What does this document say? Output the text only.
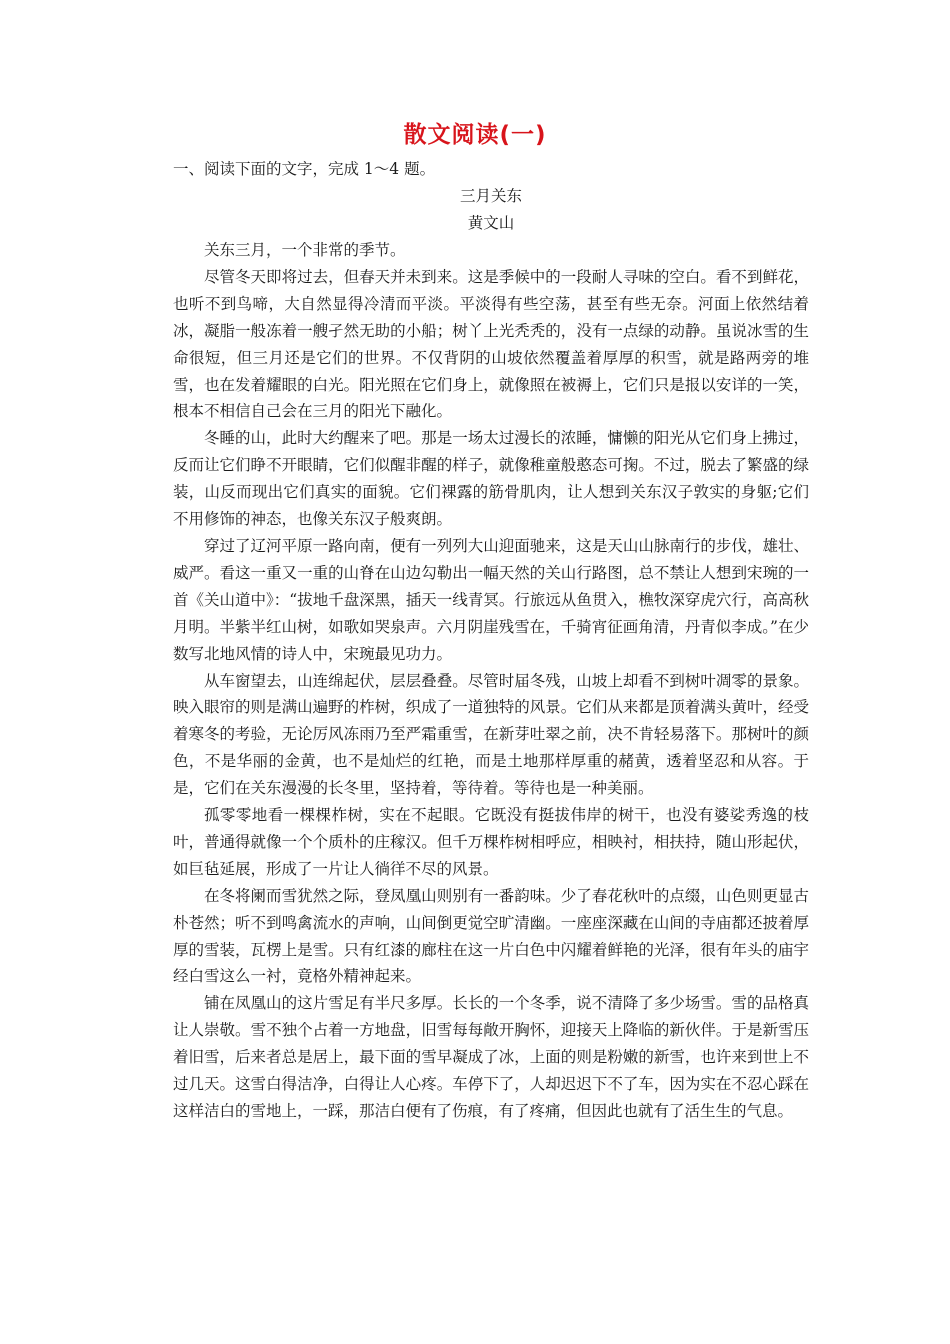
散文阅读(一)
一、阅读下面的文字，完成 1～4 题。
三月关东
黄文山

关东三月，一个非常的季节。

尽管冬天即将过去，但春天并未到来。这是季候中的一段耐人寻味的空白。看不到鲜花，也听不到鸟啼，大自然显得冷清而平淡。平淡得有些空荡，甚至有些无奈。河面上依然结着冰，凝脂一般冻着一艘孑然无助的小船；树丫上光秃秃的，没有一点绿的动静。虽说冰雪的生命很短，但三月还是它们的世界。不仅背阴的山坡依然覆盖着厚厚的积雪，就是路两旁的堆雪，也在发着耀眼的白光。阳光照在它们身上，就像照在被褥上，它们只是报以安详的一笑，根本不相信自己会在三月的阳光下融化。

冬睡的山，此时大约醒来了吧。那是一场太过漫长的浓睡，慵懒的阳光从它们身上拂过，反而让它们睁不开眼睛，它们似醒非醒的样子，就像稚童般憨态可掬。不过，脱去了繁盛的绿装，山反而现出它们真实的面貌。它们裸露的筋骨肌肉，让人想到关东汉子敦实的身躯;它们不用修饰的神态，也像关东汉子般爽朗。

穿过了辽河平原一路向南，便有一列列大山迎面驰来，这是天山山脉南行的步伐，雄壮、威严。看这一重又一重的山脊在山边勾勒出一幅天然的关山行路图，总不禁让人想到宋琬的一首《关山道中》：“拔地千盘深黑，插天一线青冥。行旅远从鱼贯入，樵牧深穿虎穴行，高高秋月明。半紫半红山树，如歌如哭泉声。六月阴崖残雪在，千骑宵征画角清，丹青似李成。”在少数写北地风情的诗人中，宋琬最见功力。

从车窗望去，山连绵起伏，层层叠叠。尽管时届冬残，山坡上却看不到树叶凋零的景象。映入眼帘的则是满山遍野的柞树，织成了一道独特的风景。它们从来都是顶着满头黄叶，经受着寒冬的考验，无论厉风冻雨乃至严霜重雪，在新芽吐翠之前，决不肯轻易落下。那树叶的颜色，不是华丽的金黄，也不是灿烂的红艳，而是土地那样厚重的赭黄，透着坚忍和从容。于是，它们在关东漫漫的长冬里，坚持着，等待着。等待也是一种美丽。

孤零零地看一棵棵柞树，实在不起眼。它既没有挺拔伟岸的树干，也没有婆娑秀逸的枝叶，普通得就像一个个质朴的庄稼汉。但千万棵柞树相呼应，相映衬，相扶持，随山形起伏，如巨毡延展，形成了一片让人徜徉不尽的风景。

在冬将阑而雪犹然之际，登凤凰山则别有一番韵味。少了春花秋叶的点缀，山色则更显古朴苍然；听不到鸣禽流水的声响，山间倒更觉空旷清幽。一座座深藏在山间的寺庙都还披着厚厚的雪装，瓦楞上是雪。只有红漆的廊柱在这一片白色中闪耀着鲜艳的光泽，很有年头的庙宇经白雪这么一衬，竟格外精神起来。

铺在凤凰山的这片雪足有半尺多厚。长长的一个冬季，说不清降了多少场雪。雪的品格真让人崇敬。雪不独个占着一方地盘，旧雪每每敞开胸怀，迎接天上降临的新伙伴。于是新雪压着旧雪，后来者总是居上，最下面的雪早凝成了冰，上面的则是粉嫩的新雪，也许来到世上不过几天。这雪白得洁净，白得让人心疼。车停下了，人却迟迟下不了车，因为实在不忍心踩在这样洁白的雪地上，一踩，那洁白便有了伤痕，有了疼痛，但因此也就有了活生生的气息。
